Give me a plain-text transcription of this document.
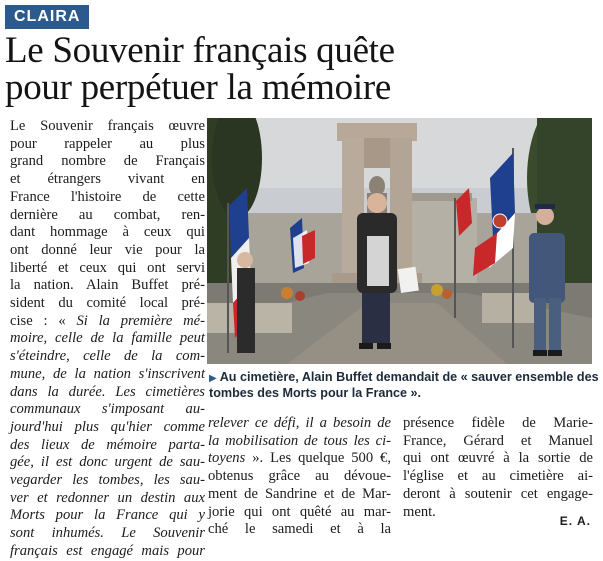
CLAIRA
Le Souvenir français quête
pour perpétuer la mémoire
Le Souvenir français œuvre
pour rappeler au plus
grand nombre de Français
et étrangers vivant en
France l'histoire de cette
dernière au combat, ren-
dant hommage à ceux qui
ont donné leur vie pour la
liberté et ceux qui ont servi
la nation. Alain Buffet pré-
sident du comité local pré-
cise : « Si la première mé-
moire, celle de la famille peut
s'éteindre, celle de la com-
mune, de la nation s'inscrivent
dans la durée. Les cimetières
communaux s'imposant au-
jourd'hui plus qu'hier comme
des lieux de mémoire parta-
gée, il est donc urgent de sau-
vegarder les tombes, les sau-
ver et redonner un destin aux
Morts pour la France qui y
sont inhumés. Le Souvenir
français est engagé mais pour
▶ Au cimetière, Alain Buffet demandait de « sauver ensemble des
tombes des Morts pour la France ».
relever ce défi, il a besoin de
la mobilisation de tous les ci-
toyens ». Les quelque 500 €,
obtenus grâce au dévoue-
ment de Sandrine et de Mar-
jorie qui ont quêté au mar-
ché le samedi et à la
présence fidèle de Marie-
France, Gérard et Manuel
qui ont œuvré à la sortie de
l'église et au cimetière ai-
deront à soutenir cet engage-
ment.
E. A.
